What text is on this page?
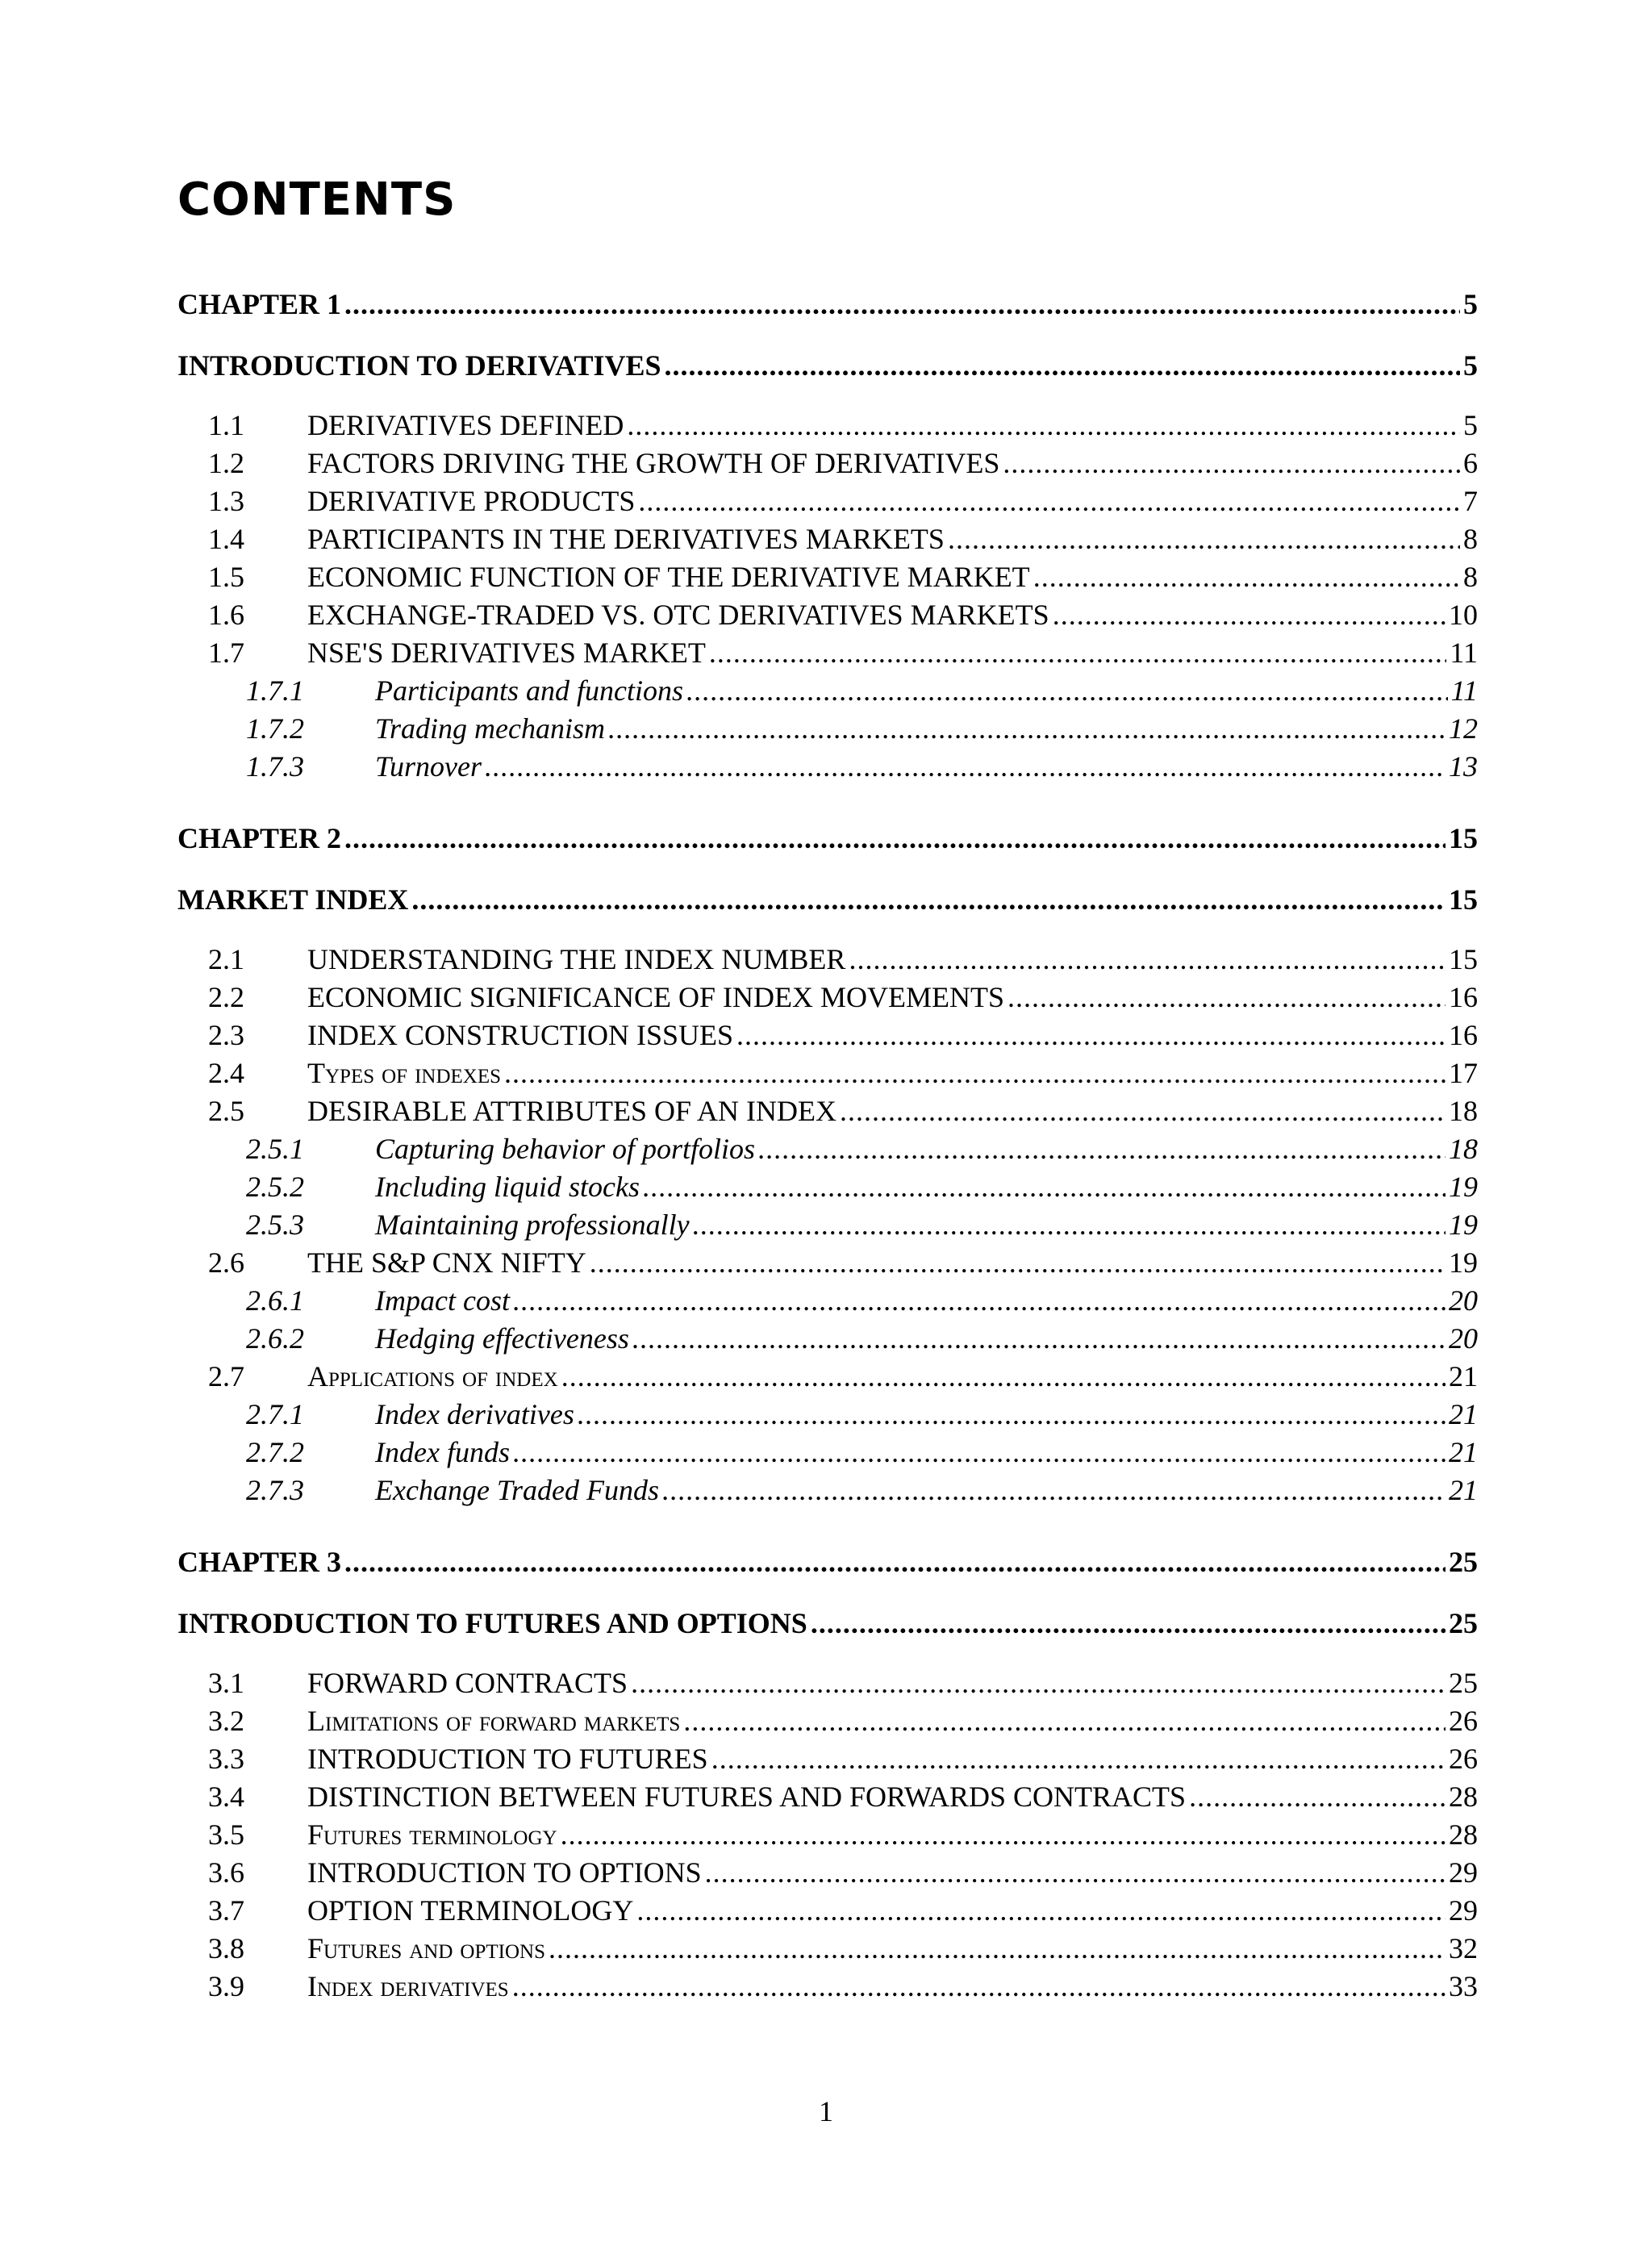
CONTENTS
CHAPTER 1 .....	5
INTRODUCTION TO DERIVATIVES .....	5
1.1	DERIVATIVES DEFINED .....	5
1.2	FACTORS DRIVING THE GROWTH OF DERIVATIVES .....	6
1.3	DERIVATIVE PRODUCTS .....	7
1.4	PARTICIPANTS IN THE DERIVATIVES MARKETS .....	8
1.5	ECONOMIC FUNCTION OF THE DERIVATIVE MARKET .....	8
1.6	EXCHANGE-TRADED VS. OTC DERIVATIVES MARKETS .....	10
1.7	NSE'S DERIVATIVES MARKET .....	11
1.7.1	Participants and functions .....	11
1.7.2	Trading mechanism .....	12
1.7.3	Turnover .....	13
CHAPTER 2 .....	15
MARKET INDEX .....	15
2.1	UNDERSTANDING THE INDEX NUMBER .....	15
2.2	ECONOMIC SIGNIFICANCE OF INDEX MOVEMENTS .....	16
2.3	INDEX CONSTRUCTION ISSUES .....	16
2.4	Types of indexes .....	17
2.5	DESIRABLE ATTRIBUTES OF AN INDEX .....	18
2.5.1	Capturing behavior of portfolios .....	18
2.5.2	Including liquid stocks .....	19
2.5.3	Maintaining professionally .....	19
2.6	THE S&P CNX NIFTY .....	19
2.6.1	Impact cost .....	20
2.6.2	Hedging effectiveness .....	20
2.7	Applications of index .....	21
2.7.1	Index derivatives .....	21
2.7.2	Index funds .....	21
2.7.3	Exchange Traded Funds .....	21
CHAPTER 3 .....	25
INTRODUCTION TO FUTURES AND OPTIONS .....	25
3.1	FORWARD CONTRACTS .....	25
3.2	Limitations of forward markets .....	26
3.3	INTRODUCTION TO FUTURES .....	26
3.4	DISTINCTION BETWEEN FUTURES AND FORWARDS CONTRACTS .....	28
3.5	Futures terminology .....	28
3.6	INTRODUCTION TO OPTIONS .....	29
3.7	OPTION TERMINOLOGY .....	29
3.8	Futures and options .....	32
3.9	Index derivatives .....	33
1
